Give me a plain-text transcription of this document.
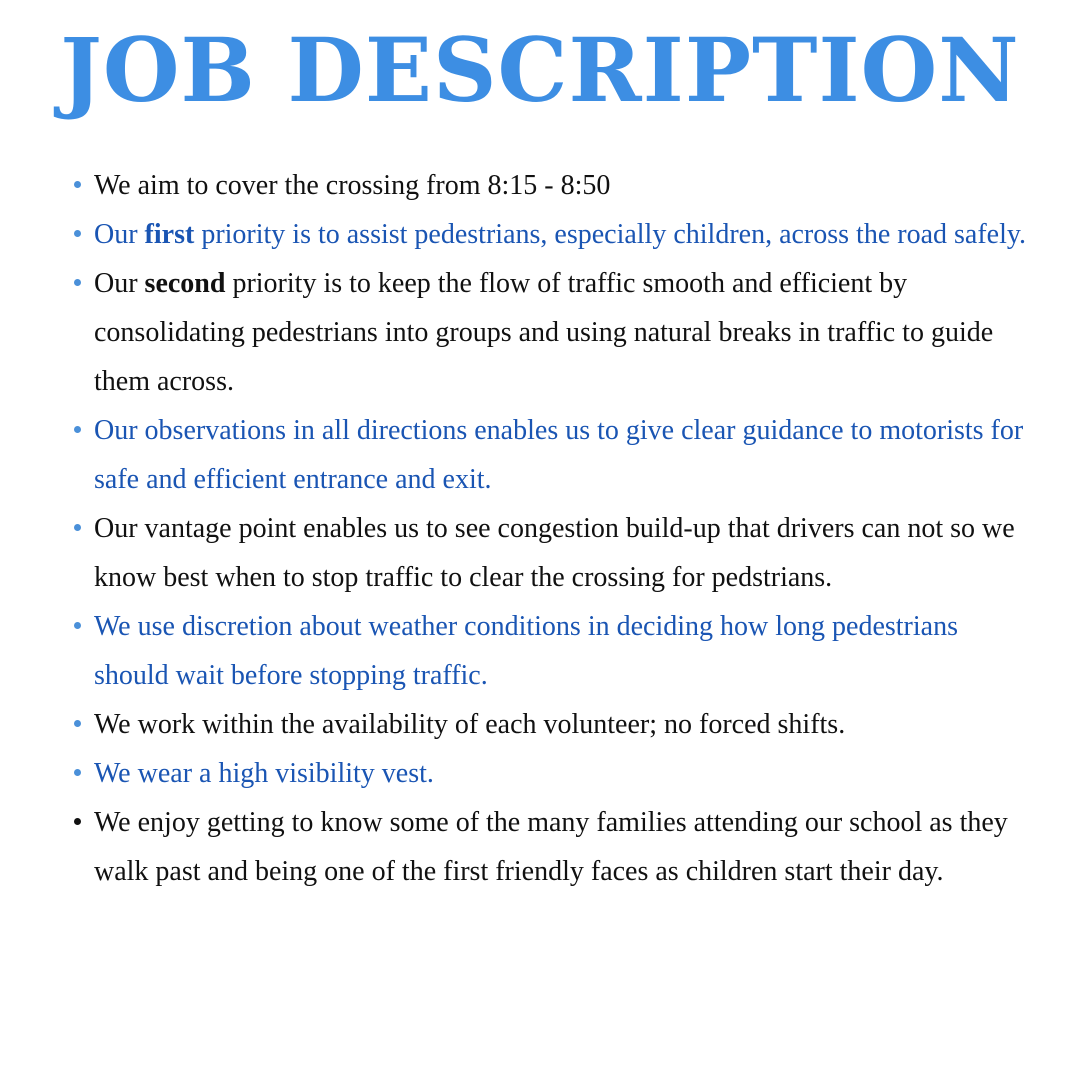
JOB DESCRIPTION
We aim to cover the crossing from 8:15 - 8:50
Our first priority is to assist pedestrians, especially children, across the road safely.
Our second priority is to keep the flow of traffic smooth and efficient by consolidating pedestrians into groups and using natural breaks in traffic to guide them across.
Our observations in all directions enables us to give clear guidance to motorists for safe and efficient entrance and exit.
Our vantage point enables us to see congestion build-up that drivers can not so we know best when to stop traffic to clear the crossing for pedstrians.
We use discretion about weather conditions in deciding how long pedestrians should wait before stopping traffic.
We work within the availability of each volunteer; no forced shifts.
We wear a high visibility vest.
We enjoy getting to know some of the many families attending our school as they walk past and being one of the first friendly faces as children start their day.
